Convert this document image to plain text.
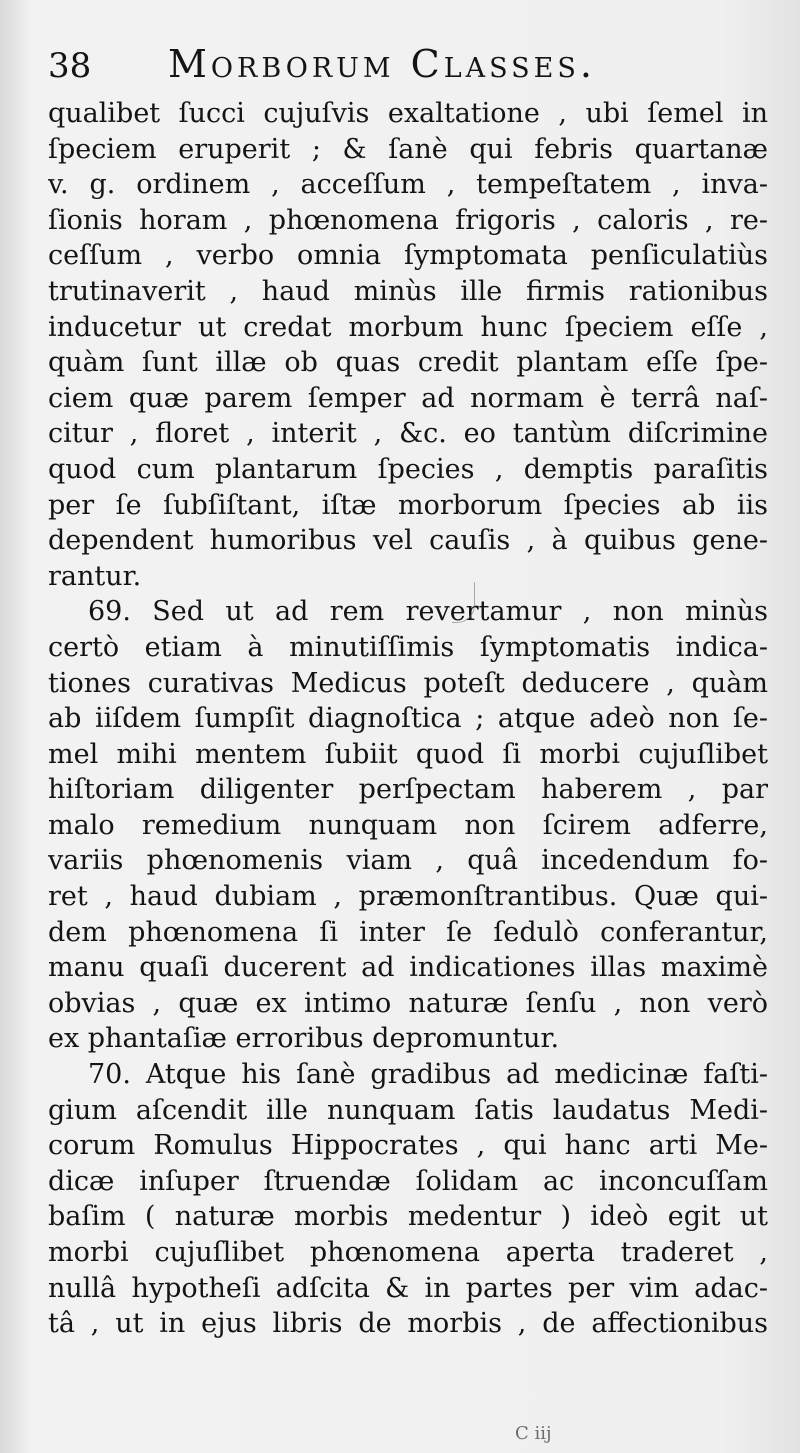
38 Morborum Classes.
qualibet ſucci cujuſvis exaltatione , ubi ſemel in
ſpeciem eruperit ; & ſanè qui febris quartanæ
v. g. ordinem , acceſſum , tempeſtatem , inva-
ſionis horam , phœnomena frigoris , caloris , re-
ceſſum , verbo omnia ſymptomata penſiculatiùs
trutinaverit , haud minùs ille firmis rationibus
inducetur ut credat morbum hunc ſpeciem eſſe ,
quàm ſunt illæ ob quas credit plantam eſſe ſpe-
ciem quæ parem ſemper ad normam è terrâ naſ-
citur , floret , interit , &c. eo tantùm diſcrimine
quod cum plantarum ſpecies , demptis paraſitis
per ſe ſubſiſtant, iſtæ morborum ſpecies ab iis
dependent humoribus vel cauſis , à quibus gene-
rantur.
69. Sed ut ad rem revertamur , non minùs
certò etiam à minutiſſimis ſymptomatis indica-
tiones curativas Medicus poteſt deducere , quàm
ab iiſdem ſumpſit diagnoſtica ; atque adeò non ſe-
mel mihi mentem ſubiit quod ſi morbi cujuſlibet
hiſtoriam diligenter perſpectam haberem , par
malo remedium nunquam non ſcirem adferre,
variis phœnomenis viam , quâ incedendum fo-
ret , haud dubiam , præmonſtrantibus. Quæ qui-
dem phœnomena ſi inter ſe ſedulò conferantur,
manu quaſi ducerent ad indicationes illas maximè
obvias , quæ ex intimo naturæ ſenſu , non verò
ex phantaſiæ erroribus depromuntur.
70. Atque his ſanè gradibus ad medicinæ faſti-
gium aſcendit ille nunquam ſatis laudatus Medi-
corum Romulus Hippocrates , qui hanc arti Me-
dicæ inſuper ſtruendæ ſolidam ac inconcuſſam
baſim ( naturæ morbis medentur ) ideò egit ut
morbi cujuſlibet phœnomena aperta traderet ,
nullâ hypotheſi adſcita & in partes per vim adac-
tâ , ut in ejus libris de morbis , de affectionibus
C iij
